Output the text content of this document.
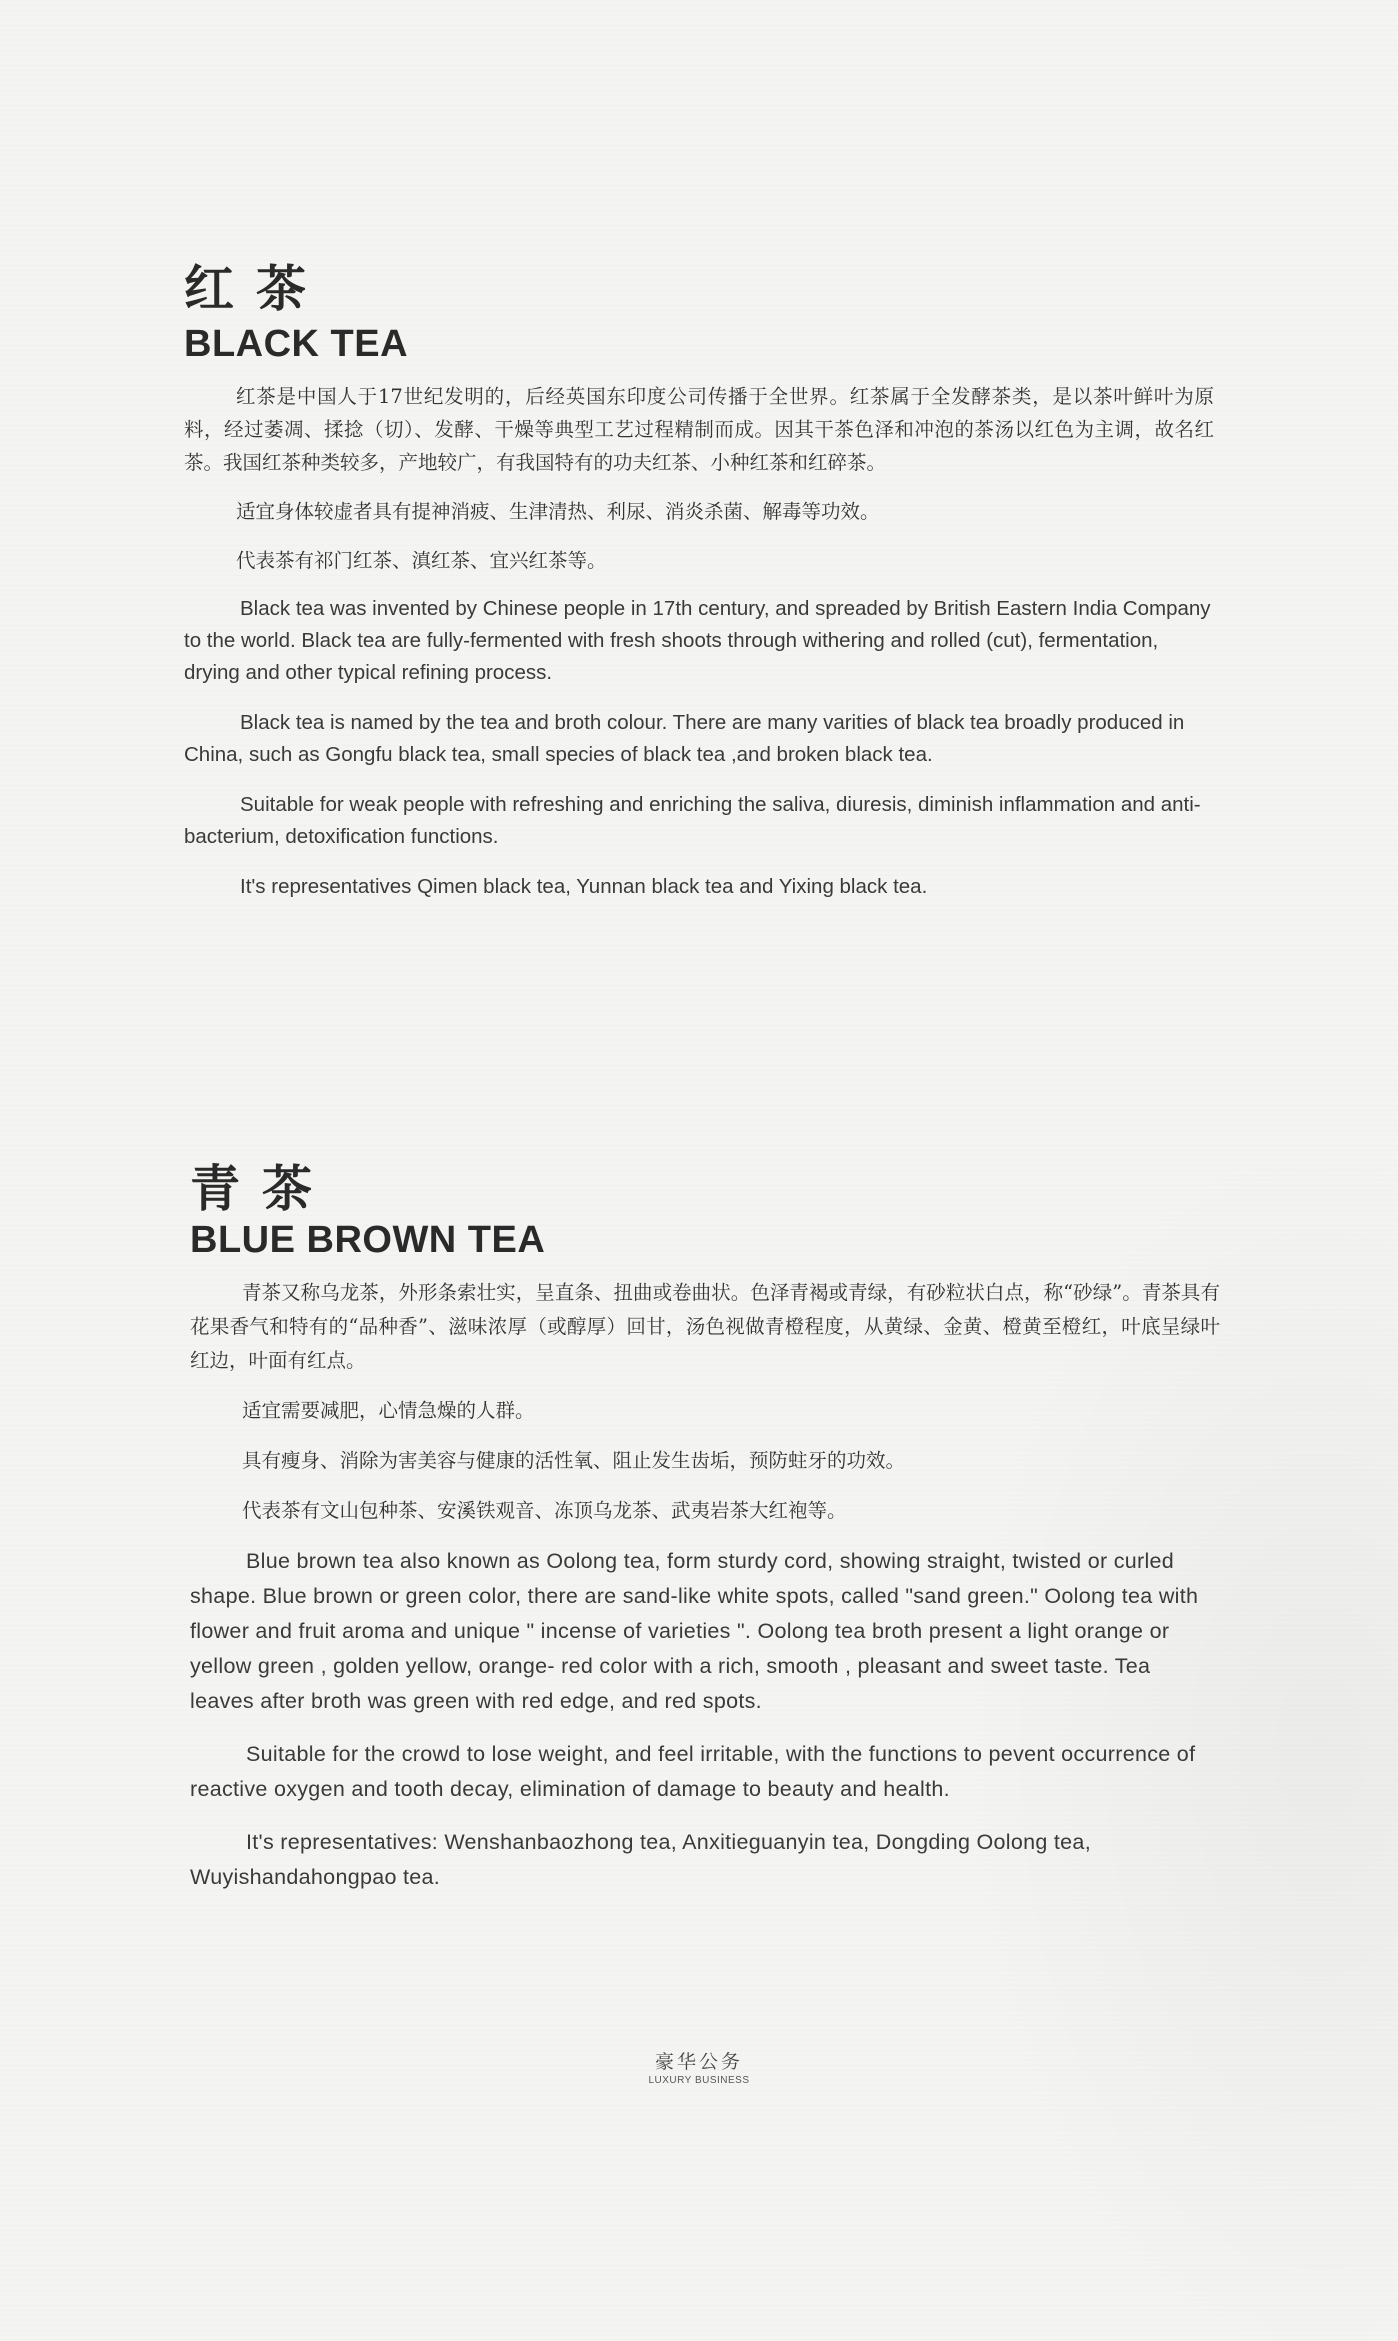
红茶
BLACK TEA

红茶是中国人于17世纪发明的，后经英国东印度公司传播于全世界。红茶属于全发酵茶类，是以茶叶鲜叶为原料，经过萎凋、揉捻（切）、发酵、干燥等典型工艺过程精制而成。因其干茶色泽和冲泡的茶汤以红色为主调，故名红茶。我国红茶种类较多，产地较广，有我国特有的功夫红茶、小种红茶和红碎茶。

适宜身体较虚者具有提神消疲、生津清热、利尿、消炎杀菌、解毒等功效。

代表茶有祁门红茶、滇红茶、宜兴红茶等。

Black tea was invented by Chinese people in 17th century, and spreaded by British Eastern India Company to the world. Black tea are fully-fermented with fresh shoots through withering and rolled (cut), fermentation, drying and other typical refining process.

Black tea is named by the tea and broth colour. There are many varities of black tea broadly produced in China, such as Gongfu black tea, small species of black tea ,and broken black tea.

Suitable for weak people with refreshing and enriching the saliva, diuresis, diminish inflammation and anti-bacterium, detoxification functions.

It's representatives Qimen black tea, Yunnan black tea and Yixing black tea.

青茶
BLUE BROWN TEA

青茶又称乌龙茶，外形条索壮实，呈直条、扭曲或卷曲状。色泽青褐或青绿，有砂粒状白点，称“砂绿”。青茶具有花果香气和特有的“品种香”、滋味浓厚（或醇厚）回甘，汤色视做青橙程度，从黄绿、金黄、橙黄至橙红，叶底呈绿叶红边，叶面有红点。

适宜需要减肥，心情急燥的人群。

具有瘦身、消除为害美容与健康的活性氧、阻止发生齿垢，预防蛀牙的功效。

代表茶有文山包种茶、安溪铁观音、冻顶乌龙茶、武夷岩茶大红袍等。

Blue brown tea also known as Oolong tea, form sturdy cord, showing straight, twisted or curled shape. Blue brown or green color, there are sand-like white spots, called "sand green." Oolong tea with flower and fruit aroma and unique " incense of varieties ". Oolong tea broth present a light orange or yellow green , golden yellow, orange- red color with a rich, smooth , pleasant and sweet taste. Tea leaves after broth was green with red edge, and red spots.

Suitable for the crowd to lose weight, and feel irritable, with the functions to pevent occurrence of reactive oxygen and tooth decay, elimination of damage to beauty and health.

It's representatives: Wenshanbaozhong tea, Anxitieguanyin tea, Dongding Oolong tea, Wuyishandahongpao tea.

豪华公务
LUXURY BUSINESS
